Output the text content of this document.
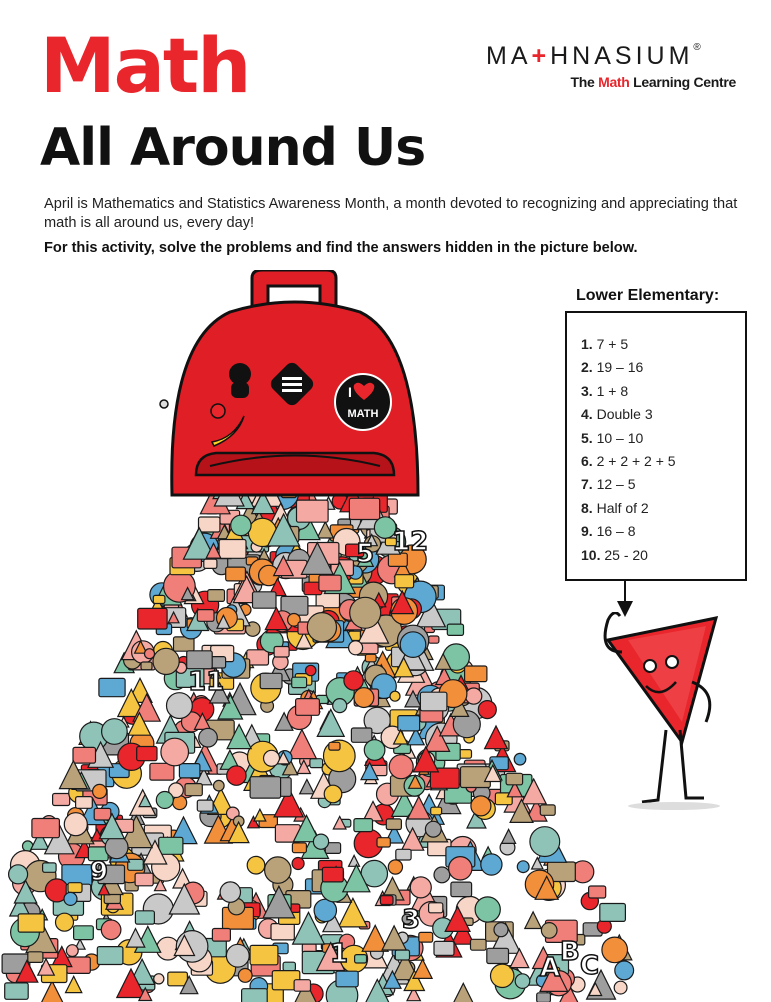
Math
All Around Us
MA+HNASIUM®
The Math Learning Centre
April is Mathematics and Statistics Awareness Month, a month devoted to recognizing and appreciating that math is all around us, every day!
For this activity, solve the problems and find the answers hidden in the picture below.
Lower Elementary:
1. 7 + 5
2. 19 – 16
3. 1 + 8
4. Double 3
5. 10 – 10
6. 2 + 2 + 2 + 5
7. 12 – 5
8. Half of 2
9. 16 – 8
10. 25 - 20
5 12
11
3
1
9
A
B C
I
MATH
